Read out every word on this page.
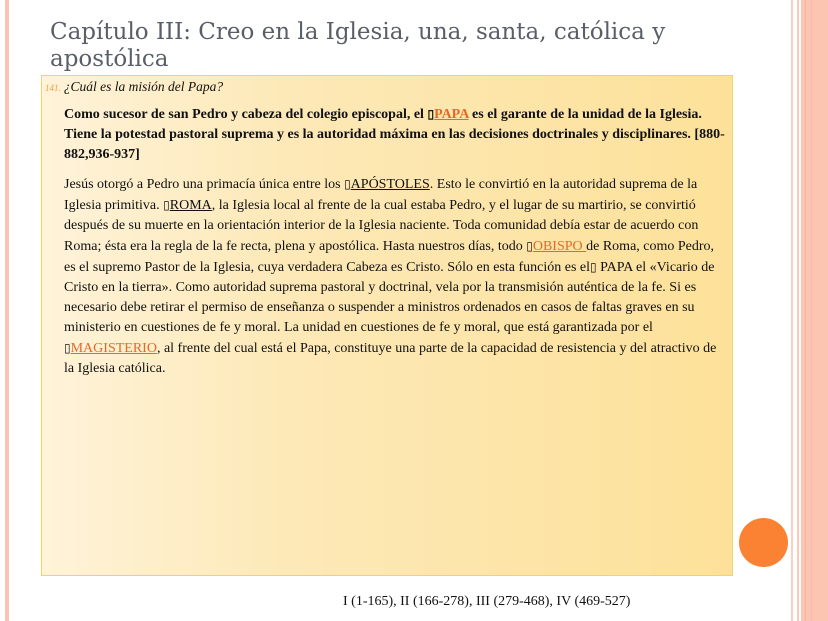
Capítulo III: Creo en la Iglesia, una, santa, católica y apostólica
141. ¿Cuál es la misión del Papa?
Como sucesor de san Pedro y cabeza del colegio episcopal, el ▯PAPA es el garante de la unidad de la Iglesia. Tiene la potestad pastoral suprema y es la autoridad máxima en las decisiones doctrinales y disciplinares. [880-882,936-937]
Jesús otorgó a Pedro una primacía única entre los ▯APÓSTOLES. Esto le convirtió en la autoridad suprema de la Iglesia primitiva. ▯ROMA, la Iglesia local al frente de la cual estaba Pedro, y el lugar de su martirio, se convirtió después de su muerte en la orientación interior de la Iglesia naciente. Toda comunidad debía estar de acuerdo con Roma; ésta era la regla de la fe recta, plena y apostólica. Hasta nuestros días, todo ▯OBISPO de Roma, como Pedro, es el supremo Pastor de la Iglesia, cuya verdadera Cabeza es Cristo. Sólo en esta función es el▯ PAPA el «Vicario de Cristo en la tierra». Como autoridad suprema pastoral y doctrinal, vela por la transmisión auténtica de la fe. Si es necesario debe retirar el permiso de enseñanza o suspender a ministros ordenados en casos de faltas graves en su ministerio en cuestiones de fe y moral. La unidad en cuestiones de fe y moral, que está garantizada por el ▯MAGISTERIO, al frente del cual está el Papa, constituye una parte de la capacidad de resistencia y del atractivo de la Iglesia católica.
I (1-165), II (166-278), III (279-468), IV (469-527)
